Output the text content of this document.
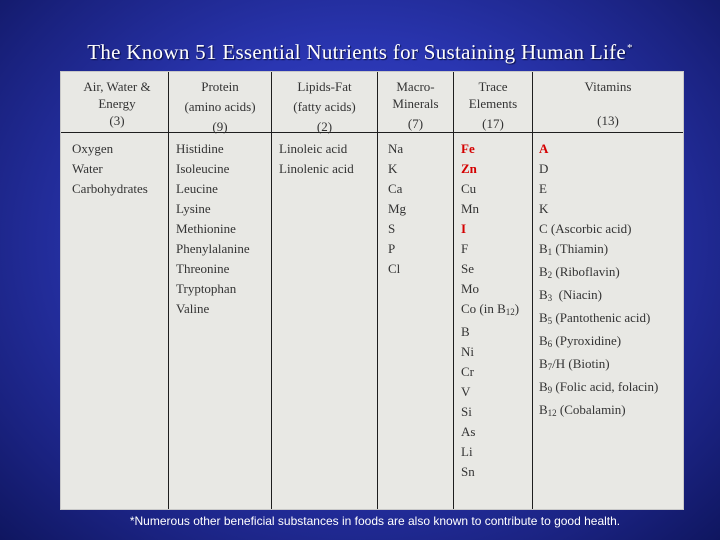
The Known 51 Essential Nutrients for Sustaining Human Life*
Air, Water &
Energy
(3)
Protein
(amino acids)
(9)
Lipids-Fat
(fatty acids)
(2)
Macro-
Minerals
(7)
Trace
Elements
(17)
Vitamins
(13)
Oxygen
Water
Carbohydrates
Histidine
Isoleucine
Leucine
Lysine
Methionine
Phenylalanine
Threonine
Tryptophan
Valine
Linoleic acid
Linolenic acid
Na
K
Ca
Mg
S
P
Cl
Fe
Zn
Cu
Mn
I
F
Se
Mo
Co (in $B_{12}$)
B
Ni
Cr
V
Si
As
Li
Sn
A
D
E
K
C (Ascorbic acid)
$B_1$ (Thiamin)
$B_2$ (Riboflavin)
$B_3$  (Niacin)
$B_5$ (Pantothenic acid)
$B_6$ (Pyroxidine)
$B_7/H$ (Biotin)
$B_9$ (Folic acid, folacin)
$B_{12}$ (Cobalamin)
*Numerous other beneficial substances in foods are also known to contribute to good health.
